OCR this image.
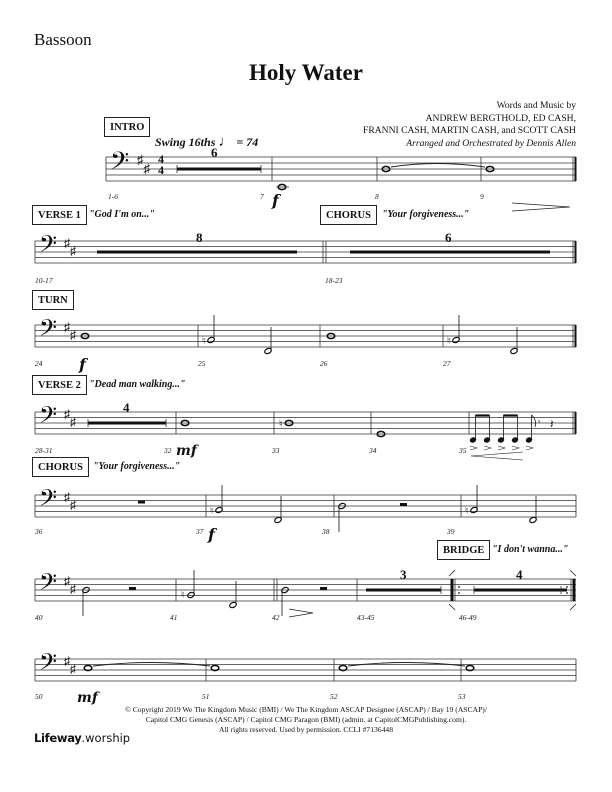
Bassoon
Holy Water
Words and Music by
ANDREW BERGTHOLD, ED CASH,
FRANNI CASH, MARTIN CASH, and SCOTT CASH
Arranged and Orchestrated by Dennis Allen
INTRO
Swing 16ths ♩ = 74
𝄢 ♯♯
4
4
6
1-6	7	8	9
f
VERSE 1 "God I'm on..."	CHORUS	"Your forgiveness..."
𝄢 ♯♯
8	6
10-17	18-23
TURN
♮	♮
𝄢 ♯♯
24	25	26	27
f
VERSE 2 "Dead man walking..."
♮	𝄾 𝄽
𝄢 ♯♯
4
28-31	32	33	34	35
mf
CHORUS	"Your forgiveness..."
♮	♮
𝄢 ♯♯
36	37	38	39
f
BRIDGE "I don't wanna..."
♮
𝄢 ♯♯
3	4
40	41	42	43-45	46-49
𝄢 ♯♯
50	51	52	53
mf
© Copyright 2019 We The Kingdom Music (BMI) / We The Kingdom ASCAP Designee (ASCAP) / Bay 19 (ASCAP)/
Capitol CMG Genesis (ASCAP) / Capitol CMG Paragon (BMI) (admin. at CapitolCMGPublishing.com).
All rights reserved. Used by permission. CCLI #7136448
Lifeway.worship
